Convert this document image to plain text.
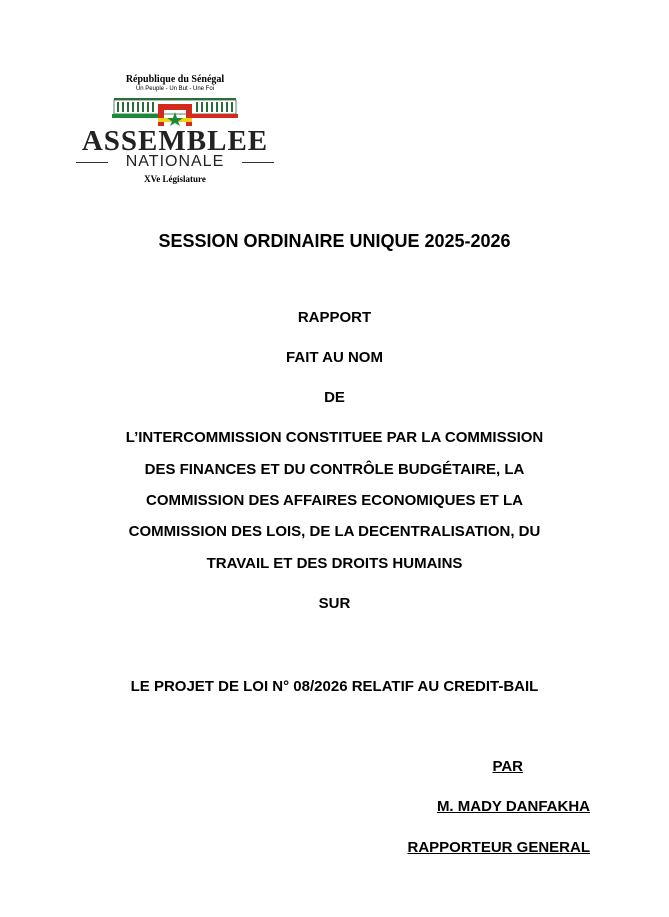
République du Sénégal
Un Peuple - Un But - Une Foi
ASSEMBLEE
NATIONALE
XVe Législature
SESSION ORDINAIRE UNIQUE 2025-2026
RAPPORT
FAIT AU NOM
DE
L’INTERCOMMISSION CONSTITUEE PAR LA COMMISSION
DES FINANCES ET DU CONTRÔLE BUDGÉTAIRE, LA
COMMISSION DES AFFAIRES ECONOMIQUES ET LA
COMMISSION DES LOIS, DE LA DECENTRALISATION, DU
TRAVAIL ET DES DROITS HUMAINS
SUR
LE PROJET DE LOI N° 08/2026 RELATIF AU CREDIT-BAIL
PAR
M. MADY DANFAKHA
RAPPORTEUR GENERAL
